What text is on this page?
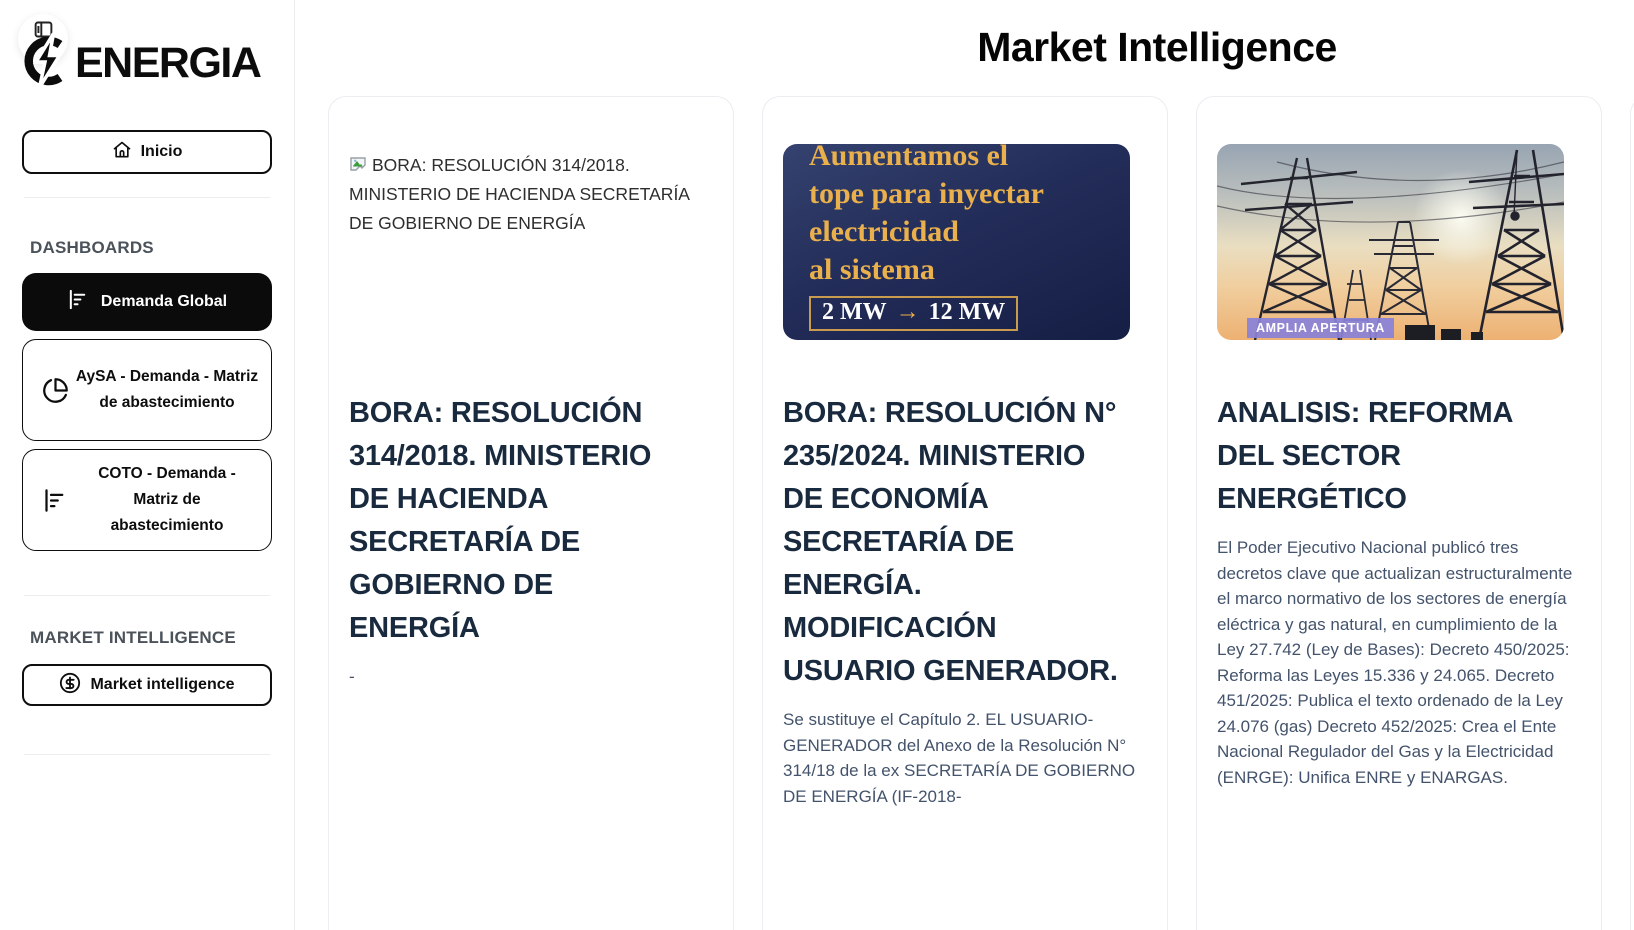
ENERGIA
Inicio
DASHBOARDS
Demanda Global
AySA - Demanda - Matriz de abastecimiento
COTO - Demanda - Matriz de abastecimiento
MARKET INTELLIGENCE
Market intelligence
Market Intelligence
BORA: RESOLUCIÓN 314/2018. MINISTERIO DE HACIENDA SECRETARÍA DE GOBIERNO DE ENERGÍA
BORA: RESOLUCIÓN 314/2018. MINISTERIO DE HACIENDA SECRETARÍA DE GOBIERNO DE ENERGÍA
-
Aumentamos el
tope para inyectar
electricidad
al sistema
2 MW → 12 MW
BORA: RESOLUCIÓN N° 235/2024. MINISTERIO DE ECONOMÍA SECRETARÍA DE ENERGÍA. MODIFICACIÓN USUARIO GENERADOR.
Se sustituye el Capítulo 2. EL USUARIO-GENERADOR del Anexo de la Resolución N° 314/18 de la ex SECRETARÍA DE GOBIERNO DE ENERGÍA (IF-2018-
AMPLIA APERTURA
ANALISIS: REFORMA DEL SECTOR ENERGÉTICO
El Poder Ejecutivo Nacional publicó tres decretos clave que actualizan estructuralmente el marco normativo de los sectores de energía eléctrica y gas natural, en cumplimiento de la Ley 27.742 (Ley de Bases): Decreto 450/2025: Reforma las Leyes 15.336 y 24.065. Decreto 451/2025: Publica el texto ordenado de la Ley 24.076 (gas) Decreto 452/2025: Crea el Ente Nacional Regulador del Gas y la Electricidad (ENRGE): Unifica ENRE y ENARGAS.
